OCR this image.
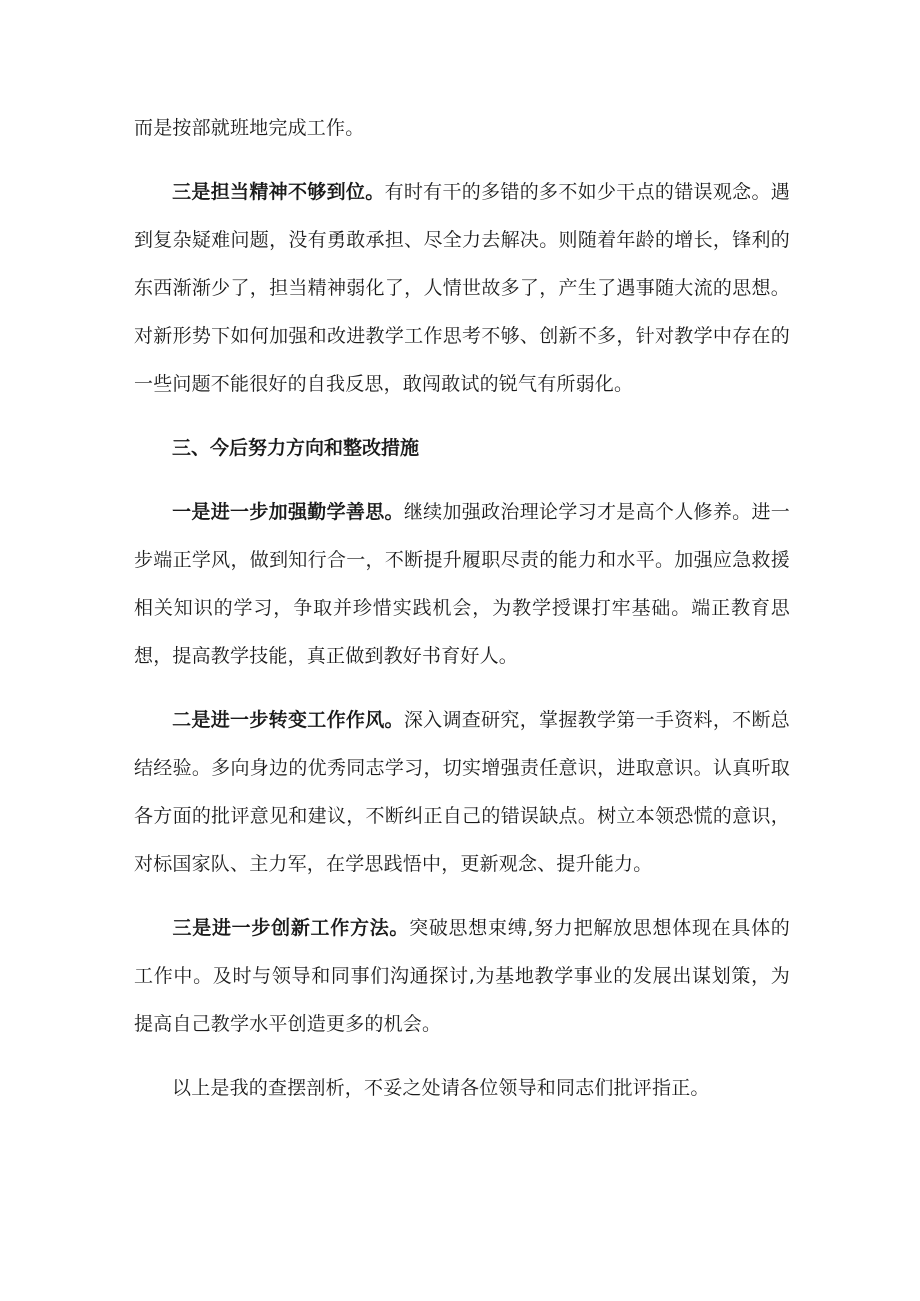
而是按部就班地完成工作。

三是担当精神不够到位。有时有干的多错的多不如少干点的错误观念。遇到复杂疑难问题，没有勇敢承担、尽全力去解决。则随着年龄的增长，锋利的东西渐渐少了，担当精神弱化了，人情世故多了，产生了遇事随大流的思想。对新形势下如何加强和改进教学工作思考不够、创新不多，针对教学中存在的一些问题不能很好的自我反思，敢闯敢试的锐气有所弱化。

三、今后努力方向和整改措施

一是进一步加强勤学善思。继续加强政治理论学习才是高个人修养。进一步端正学风，做到知行合一，不断提升履职尽责的能力和水平。加强应急救援相关知识的学习，争取并珍惜实践机会，为教学授课打牢基础。端正教育思想，提高教学技能，真正做到教好书育好人。

二是进一步转变工作作风。深入调查研究，掌握教学第一手资料，不断总结经验。多向身边的优秀同志学习，切实增强责任意识，进取意识。认真听取各方面的批评意见和建议，不断纠正自己的错误缺点。树立本领恐慌的意识，对标国家队、主力军，在学思践悟中，更新观念、提升能力。

三是进一步创新工作方法。突破思想束缚,努力把解放思想体现在具体的工作中。及时与领导和同事们沟通探讨,为基地教学事业的发展出谋划策，为提高自己教学水平创造更多的机会。

以上是我的查摆剖析，不妥之处请各位领导和同志们批评指正。
